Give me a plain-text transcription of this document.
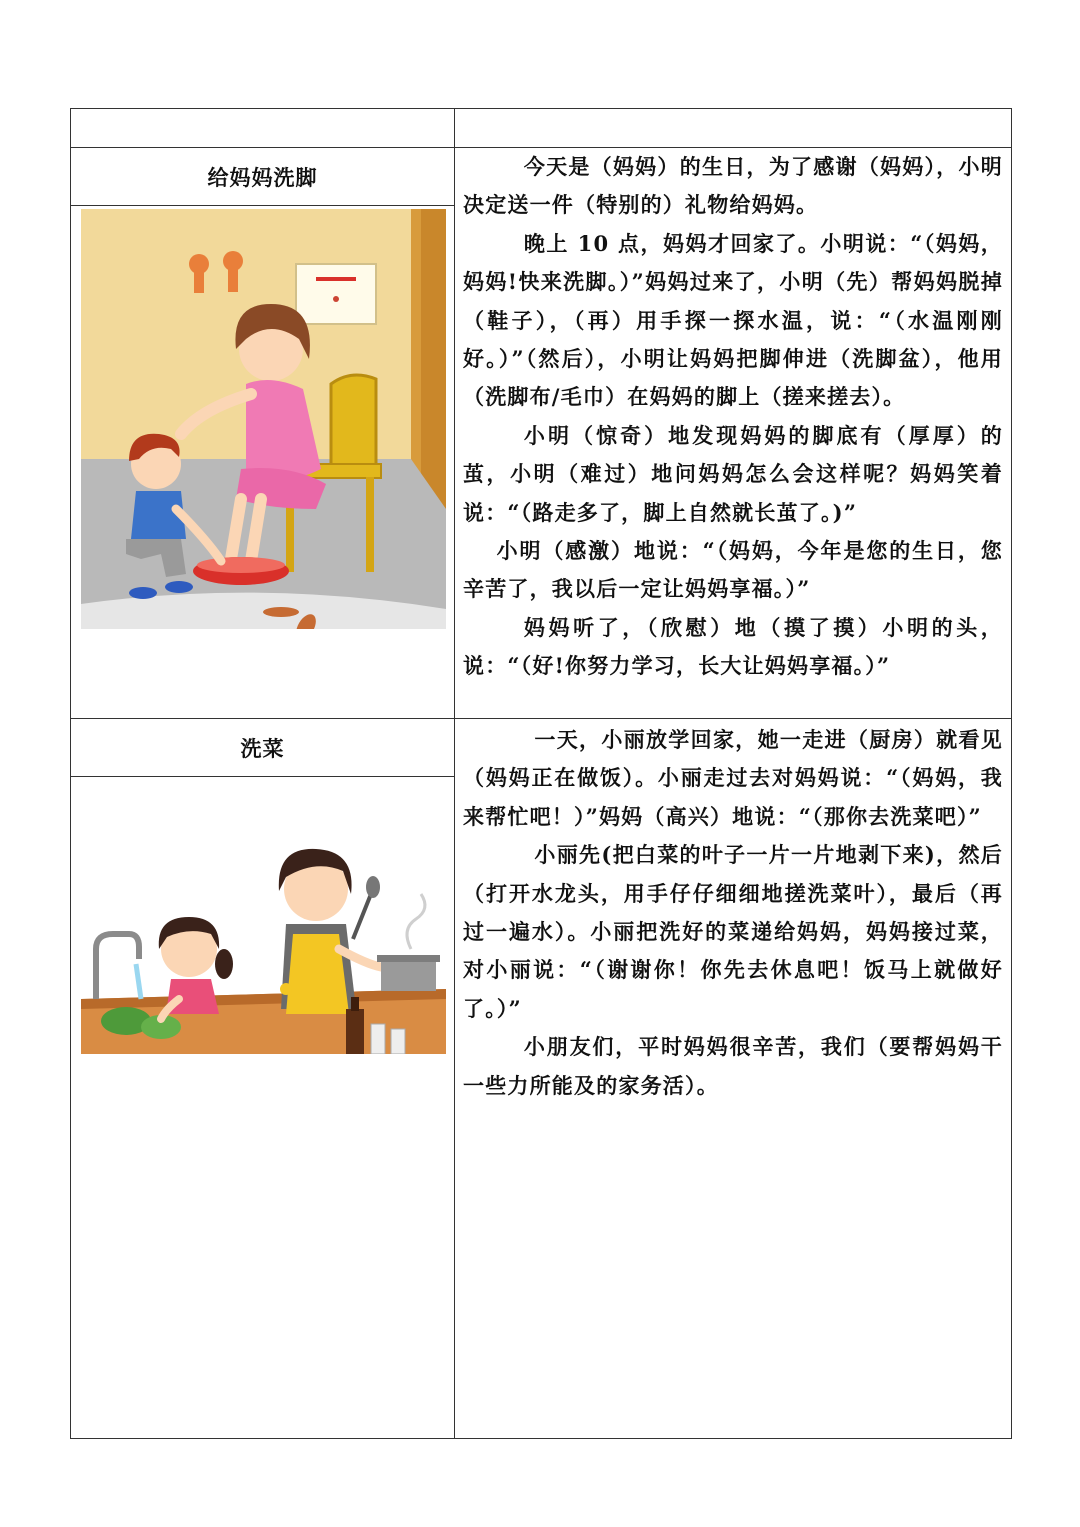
给妈妈洗脚	今天是（妈妈）的生日，为了感谢（妈妈），小明决定送一件（特别的）礼物给妈妈。

晚上 10 点，妈妈才回家了。小明说：“（妈妈，妈妈!快来洗脚。）”妈妈过来了，小明（先）帮妈妈脱掉（鞋子），（再）用手探一探水温，说：“（水温刚刚好。）”（然后），小明让妈妈把脚伸进（洗脚盆），他用（洗脚布/毛巾）在妈妈的脚上（搓来搓去）。

小明（惊奇）地发现妈妈的脚底有（厚厚）的茧，小明（难过）地问妈妈怎么会这样呢？妈妈笑着说：“（路走多了，脚上自然就长茧了。)”

小明（感激）地说：“（妈妈，今年是您的生日，您辛苦了，我以后一定让妈妈享福。）”

妈妈听了，（欣慰）地（摸了摸）小明的头，说：“（好!你努力学习，长大让妈妈享福。）”

洗菜	一天，小丽放学回家，她一走进（厨房）就看见（妈妈正在做饭）。小丽走过去对妈妈说：“（妈妈，我来帮忙吧！）”妈妈（高兴）地说：“（那你去洗菜吧）”

小丽先(把白菜的叶子一片一片地剥下来)，然后（打开水龙头，用手仔仔细细地搓洗菜叶），最后（再过一遍水）。小丽把洗好的菜递给妈妈，妈妈接过菜，对小丽说：“（谢谢你！你先去休息吧！饭马上就做好了。）”

小朋友们，平时妈妈很辛苦，我们（要帮妈妈干一些力所能及的家务活）。
